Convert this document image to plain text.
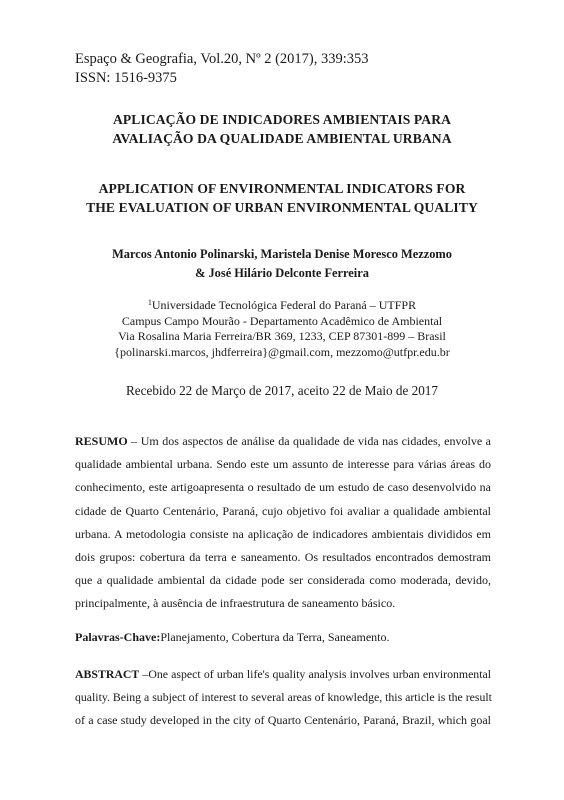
Espaço & Geografia, Vol.20, Nº 2 (2017), 339:353
ISSN: 1516-9375
APLICAÇÃO DE INDICADORES AMBIENTAIS PARA
AVALIAÇÃO DA QUALIDADE AMBIENTAL URBANA
APPLICATION OF ENVIRONMENTAL INDICATORS FOR
THE EVALUATION OF URBAN ENVIRONMENTAL QUALITY
Marcos Antonio Polinarski, Maristela Denise Moresco Mezzomo
& José Hilário Delconte Ferreira
$^1$Universidade Tecnológica Federal do Paraná – UTFPR
Campus Campo Mourão - Departamento Acadêmico de Ambiental
Via Rosalina Maria Ferreira/BR 369, 1233, CEP 87301-899 – Brasil
{polinarski.marcos, jhdferreira}@gmail.com, mezzomo@utfpr.edu.br
Recebido 22 de Março de 2017, aceito 22 de Maio de 2017
RESUMO – Um dos aspectos de análise da qualidade de vida nas cidades, envolve a
qualidade ambiental urbana. Sendo este um assunto de interesse para várias áreas do
conhecimento, este artigoapresenta o resultado de um estudo de caso desenvolvido na
cidade de Quarto Centenário, Paraná, cujo objetivo foi avaliar a qualidade ambiental
urbana. A metodologia consiste na aplicação de indicadores ambientais divididos em
dois grupos: cobertura da terra e saneamento. Os resultados encontrados demostram
que a qualidade ambiental da cidade pode ser considerada como moderada, devido,
principalmente, à ausência de infraestrutura de saneamento básico.
Palavras-Chave:Planejamento, Cobertura da Terra, Saneamento.
ABSTRACT –One aspect of urban life's quality analysis involves urban environmental
quality. Being a subject of interest to several areas of knowledge, this article is the result
of a case study developed in the city of Quarto Centenário, Paraná, Brazil, which goal
